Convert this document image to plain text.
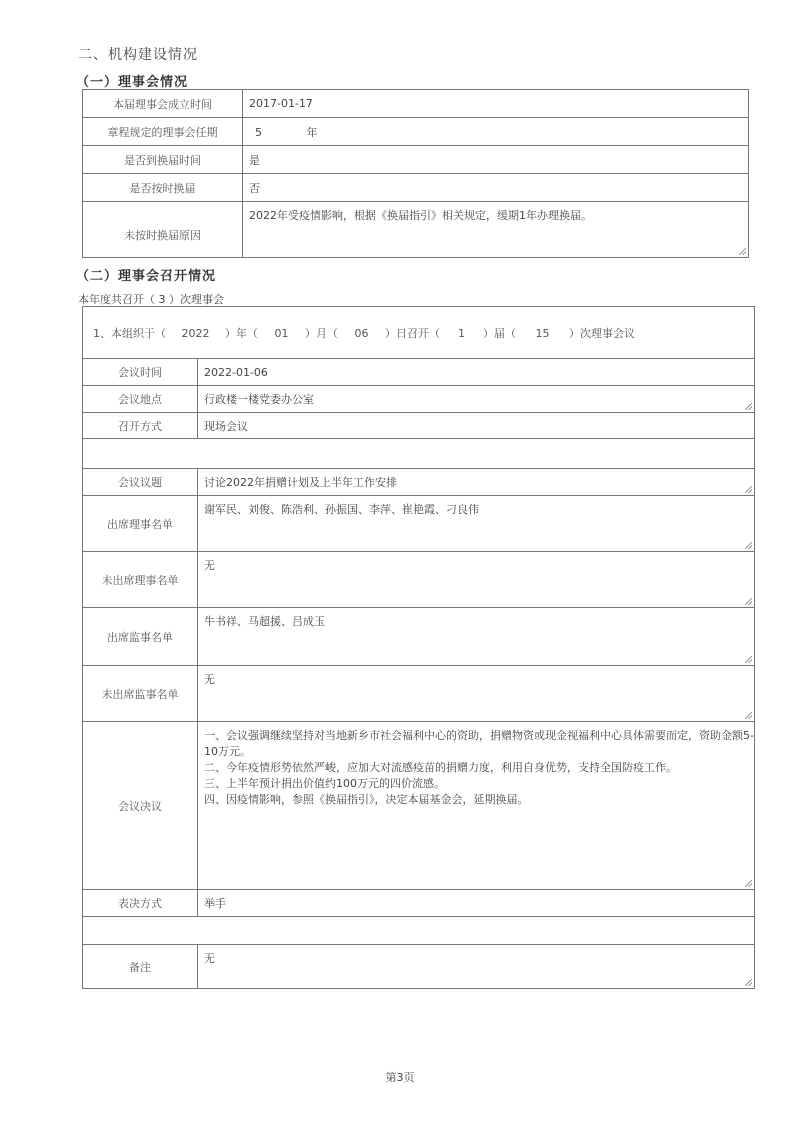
二、机构建设情况
（一）理事会情况
本届理事会成立时间	2017-01-17
章程规定的理事会任期	5 年
是否到换届时间	是
是否按时换届	否
未按时换届原因	2022年受疫情影响，根据《换届指引》相关规定，缓期1年办理换届。
（二）理事会召开情况
本年度共召开（ 3 ）次理事会
1、本组织于（ 2022 ）年（ 01 ）月（ 06 ）日召开（ 1 ）届（ 15 ）次理事会议	
会议时间	2022-01-06
会议地点	行政楼一楼党委办公室

召开方式	现场会议

会议议题	讨论2022年捐赠计划及上半年工作安排

出席理事名单	谢军民、刘俊、陈浩利、孙振国、李萍、崔艳霞、刁良伟

未出席理事名单	无

出席监事名单	牛书祥、马超援、吕成玉

未出席监事名单	无

会议决议	一、会议强调继续坚持对当地新乡市社会福利中心的资助，捐赠物资或现金视福利中心具体需要而定，资助金额5-10万元。
二、今年疫情形势依然严峻，应加大对流感疫苗的捐赠力度，利用自身优势，支持全国防疫工作。
三、上半年预计捐出价值约100万元的四价流感。
四、因疫情影响，参照《换届指引》，决定本届基金会，延期换届。

表决方式	举手

备注	无
第3页
